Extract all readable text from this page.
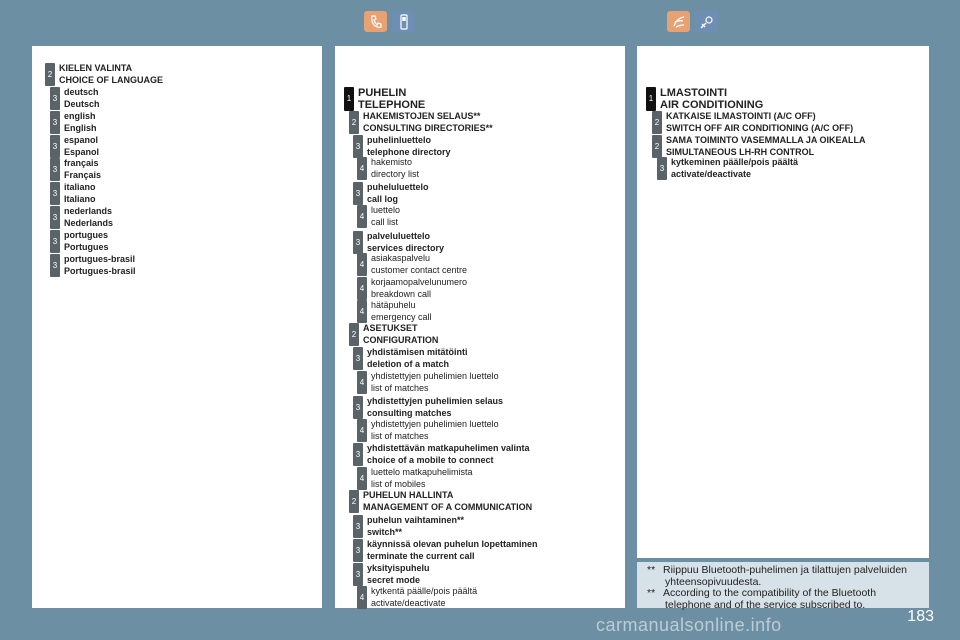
** Riippuu Bluetooth-puhelimen ja tilattujen palveluiden yhteensopivuudesta.
** According to the compatibility of the Bluetooth telephone and of the service subscribed to.
carmanualsonline.info	183
2
KIELEN VALINTA
CHOICE OF LANGUAGE
3
deutsch
Deutsch
3
english
English
3
espanol
Espanol
3
français
Français
3
italiano
Italiano
3
nederlands
Nederlands
3
portugues
Portugues
3
portugues-brasil
Portugues-brasil
1 PUHELIN
TELEPHONE
2
HAKEMISTOJEN SELAUS**
CONSULTING DIRECTORIES**
3
puhelinluettelo
telephone directory
4
hakemisto
directory list
3
puheluluettelo
call log
4
luettelo
call list
3
palveluluettelo
services directory
4
asiakaspalvelu
customer contact centre
4
korjaamopalvelunumero
breakdown call
4
hätäpuhelu
emergency call
2
ASETUKSET
CONFIGURATION
3
yhdistämisen mitätöinti
deletion of a match
4
yhdistettyjen puhelimien luettelo
list of matches
3
yhdistettyjen puhelimien selaus
consulting matches
4
yhdistettyjen puhelimien luettelo
list of matches
3
yhdistettävän matkapuhelimen valinta
choice of a mobile to connect
4
luettelo matkapuhelimista
list of mobiles
2
PUHELUN HALLINTA
MANAGEMENT OF A COMMUNICATION
3
puhelun vaihtaminen**
switch**
3
käynnissä olevan puhelun lopettaminen
terminate the current call
3
yksityispuhelu
secret mode
4
kytkentä päälle/pois päältä
activate/deactivate
1 LMASTOINTI
AIR CONDITIONING
2
KATKAISE ILMASTOINTI (A/C OFF)
SWITCH OFF AIR CONDITIONING (A/C OFF)
2
SAMA TOIMINTO VASEMMALLA JA OIKEALLA
SIMULTANEOUS LH-RH CONTROL
3
kytkeminen päälle/pois päältä
activate/deactivate
